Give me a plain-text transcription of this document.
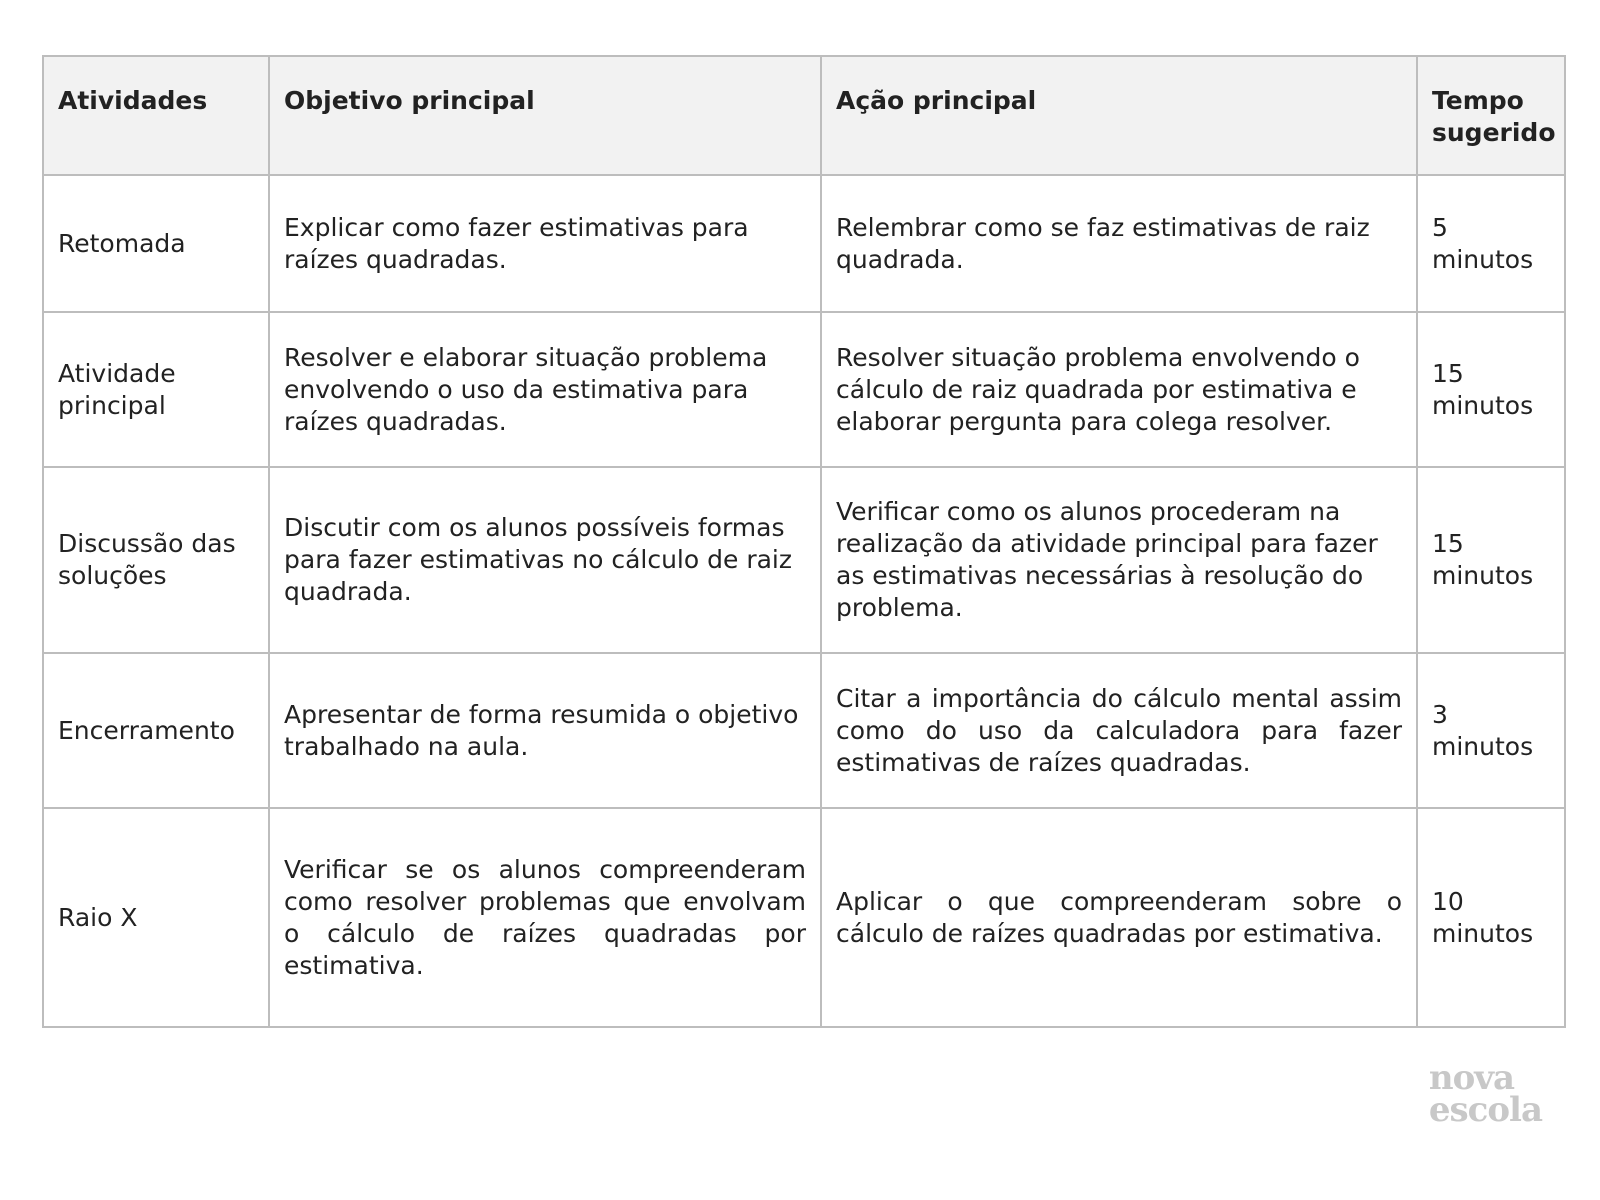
Atividades	Objetivo principal	Ação principal	Tempo sugerido
Retomada	Explicar como fazer estimativas para raízes quadradas.	Relembrar como se faz estimativas de raiz quadrada.	5 minutos
Atividade principal	Resolver e elaborar situação problema envolvendo o uso da estimativa para raízes quadradas.	Resolver situação problema envolvendo o cálculo de raiz quadrada por estimativa e elaborar pergunta para colega resolver.	15 minutos
Discussão das soluções	Discutir com os alunos possíveis formas para fazer estimativas no cálculo de raiz quadrada.	Verificar como os alunos procederam na realização da atividade principal para fazer as estimativas necessárias à resolução do problema.	15 minutos
Encerramento	Apresentar de forma resumida o objetivo trabalhado na aula.	Citar a importância do cálculo mental assim como do uso da calculadora para fazer estimativas de raízes quadradas.	3 minutos
Raio X	Verificar se os alunos compreenderam como resolver problemas que envolvam o cálculo de raízes quadradas por estimativa.	Aplicar o que compreenderam sobre o cálculo de raízes quadradas por estimativa.	10 minutos
nova
escola
